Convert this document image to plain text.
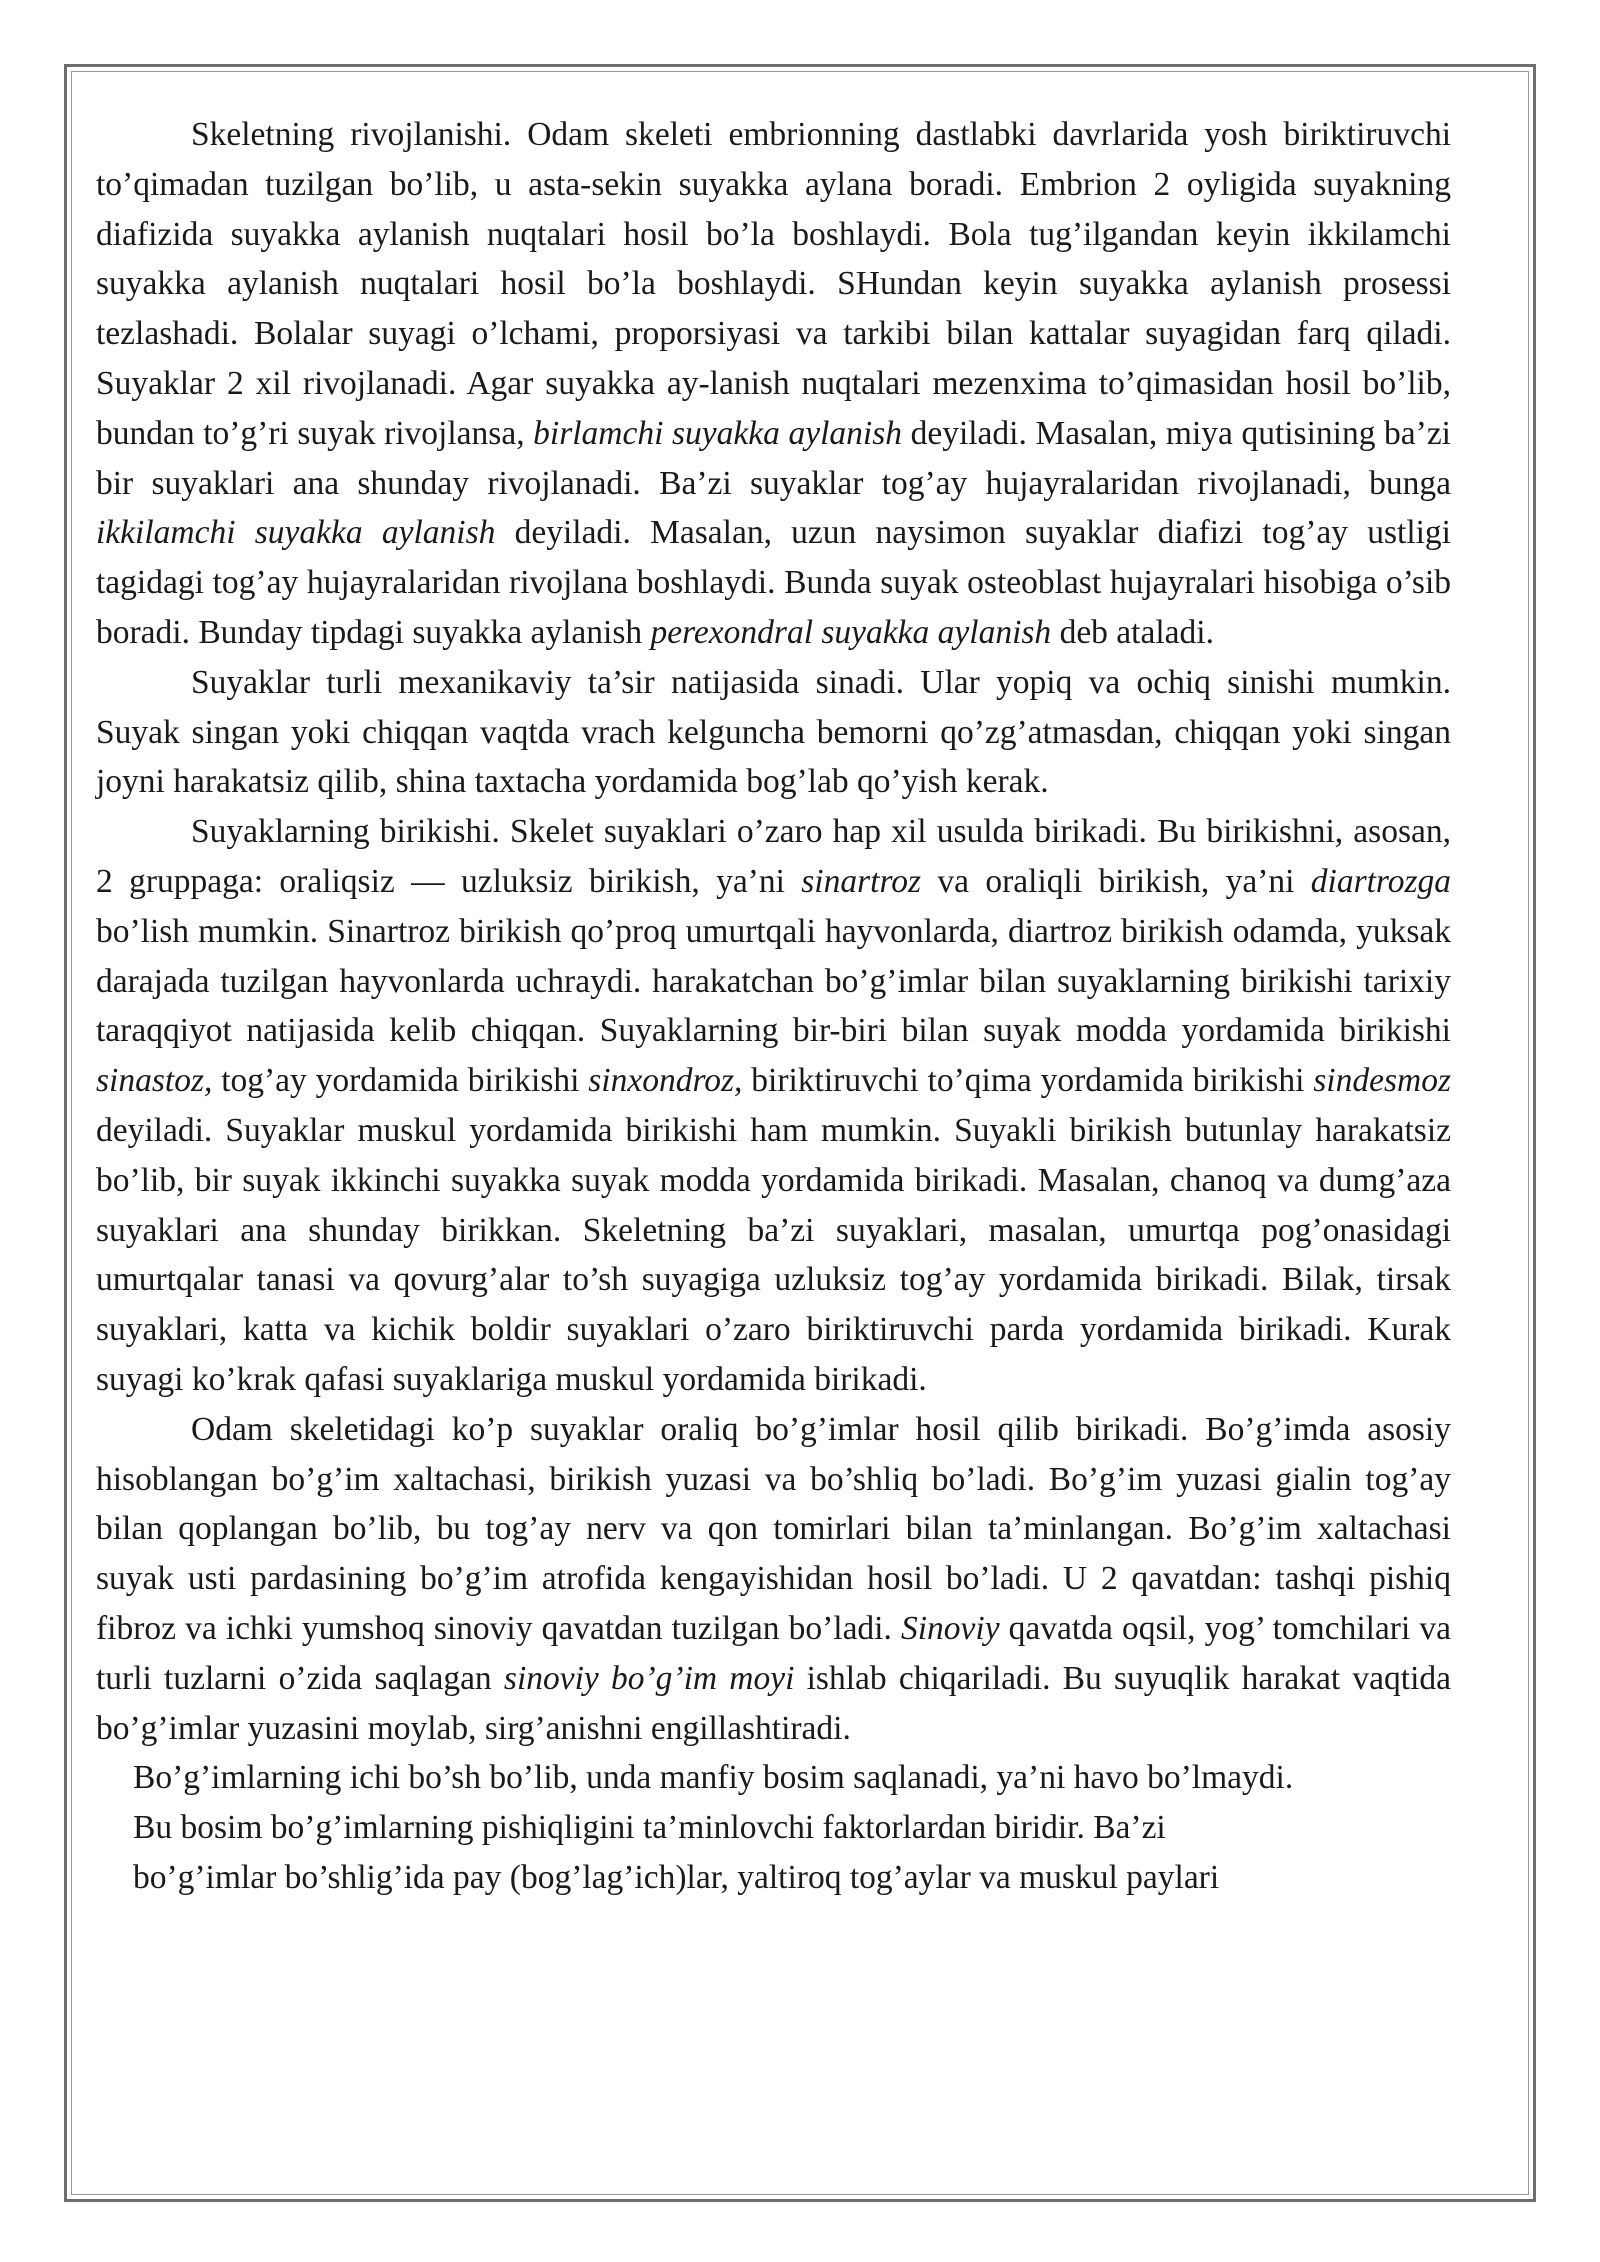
Skeletning rivojlanishi. Odam skeleti embrionning dastlabki davrlarida yosh biriktiruvchi to’qimadan tuzilgan bo’lib, u asta-sekin suyakka aylana boradi. Embrion 2 oyligida suyakning diafizida suyakka aylanish nuqtalari hosil bo’la boshlaydi. Bola tug’ilgandan keyin ikkilamchi suyakka aylanish nuqtalari hosil bo’la boshlaydi. SHundan keyin suyakka aylanish prosessi tezlashadi. Bolalar suyagi o’lchami, proporsiyasi va tarkibi bilan kattalar suyagidan farq qiladi. Suyaklar 2 xil rivojlanadi. Agar suyakka ay-lanish nuqtalari mezenxima to’qimasidan hosil bo’lib, bundan to’g’ri suyak rivojlansa, birlamchi suyakka aylanish deyiladi. Masalan, miya qutisining ba’zi bir suyaklari ana shunday rivojlanadi. Ba’zi suyaklar tog’ay hujayralaridan rivojlanadi, bunga ikkilamchi suyakka aylanish deyiladi. Masalan, uzun naysimon suyaklar diafizi tog’ay ustligi tagidagi tog’ay hujayralaridan rivojlana boshlaydi. Bunda suyak osteoblast hujayralari hisobiga o’sib boradi. Bunday tipdagi suyakka aylanish perexondral suyakka aylanish deb ataladi.

Suyaklar turli mexanikaviy ta’sir natijasida sinadi. Ular yopiq va ochiq sinishi mumkin. Suyak singan yoki chiqqan vaqtda vrach kelguncha bemorni qo’zg’atmasdan, chiqqan yoki singan joyni harakatsiz qilib, shina taxtacha yordamida bog’lab qo’yish kerak.

Suyaklarning birikishi. Skelet suyaklari o’zaro hap xil usulda birikadi. Bu birikishni, asosan, 2 gruppaga: oraliqsiz — uzluksiz birikish, ya’ni sinartroz va oraliqli birikish, ya’ni diartrozga bo’lish mumkin. Sinartroz birikish qo’proq umurtqali hayvonlarda, diartroz birikish odamda, yuksak darajada tuzilgan hayvonlarda uchraydi. harakatchan bo’g’imlar bilan suyaklarning birikishi tarixiy taraqqiyot natijasida kelib chiqqan. Suyaklarning bir-biri bilan suyak modda yordamida birikishi sinastoz, tog’ay yordamida birikishi sinxondroz, biriktiruvchi to’qima yordamida birikishi sindesmoz deyiladi. Suyaklar muskul yordamida birikishi ham mumkin. Suyakli birikish butunlay harakatsiz bo’lib, bir suyak ikkinchi suyakka suyak modda yordamida birikadi. Masalan, chanoq va dumg’aza suyaklari ana shunday birikkan. Skeletning ba’zi suyaklari, masalan, umurtqa pog’onasidagi umurtqalar tanasi va qovurg’alar to’sh suyagiga uzluksiz tog’ay yordamida birikadi. Bilak, tirsak suyaklari, katta va kichik boldir suyaklari o’zaro biriktiruvchi parda yordamida birikadi. Kurak suyagi ko’krak qafasi suyaklariga muskul yordamida birikadi.

Odam skeletidagi ko’p suyaklar oraliq bo’g’imlar hosil qilib birikadi. Bo’g’imda asosiy hisoblangan bo’g’im xaltachasi, birikish yuzasi va bo’shliq bo’ladi. Bo’g’im yuzasi gialin tog’ay bilan qoplangan bo’lib, bu tog’ay nerv va qon tomirlari bilan ta’minlangan. Bo’g’im xaltachasi suyak usti pardasining bo’g’im atrofida kengayishidan hosil bo’ladi. U 2 qavatdan: tashqi pishiq fibroz va ichki yumshoq sinoviy qavatdan tuzilgan bo’ladi. Sinoviy qavatda oqsil, yog’ tomchilari va turli tuzlarni o’zida saqlagan sinoviy bo’g’im moyi ishlab chiqariladi. Bu suyuqlik harakat vaqtida bo’g’imlar yuzasini moylab, sirg’anishni engillashtiradi.

Bo’g’imlarning ichi bo’sh bo’lib, unda manfiy bosim saqlanadi, ya’ni havo bo’lmaydi.
Bu bosim bo’g’imlarning pishiqligini ta’minlovchi faktorlardan biridir. Ba’zi
bo’g’imlar bo’shlig’ida pay (bog’lag’ich)lar, yaltiroq tog’aylar va muskul paylari
